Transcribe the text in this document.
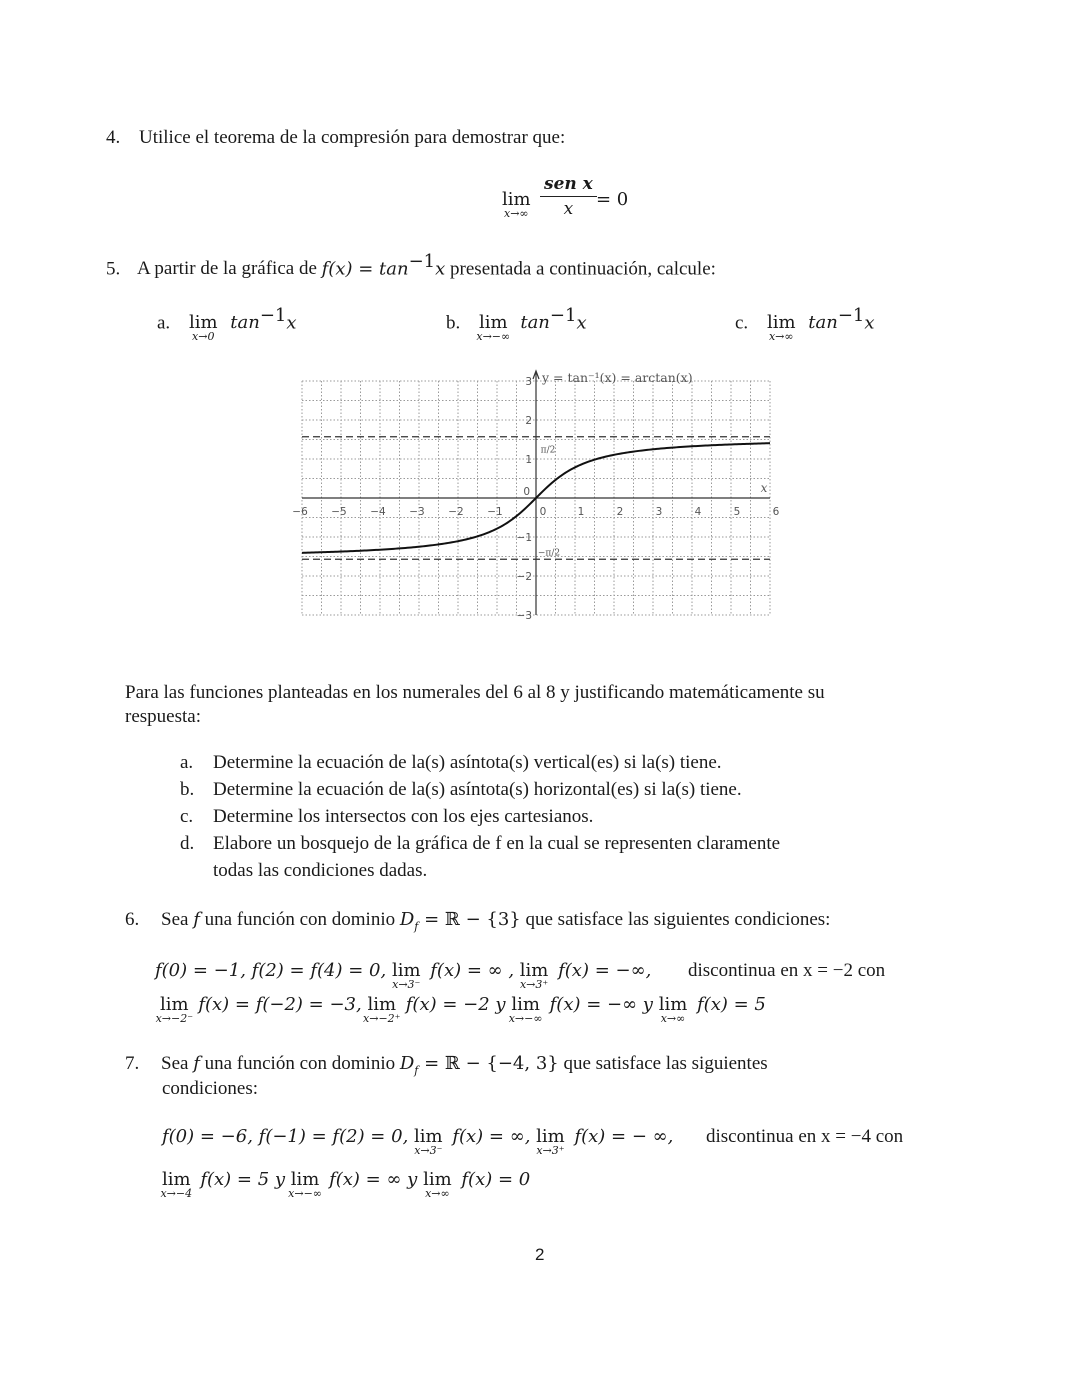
4. Utilice el teorema de la compresión para demostrar que:
lim
x→∞
sen x
x	= 0
5. A partir de la gráfica de $f(x) = \tan^{-1}x$ presentada a continuación, calcule:
a. lim
x→0
$\tan^{-1}x$	b. lim
x→−∞
$\tan^{-1}x$	c. lim
x→∞
$\tan^{-1}x$
−6 −5 −4 −3 −2 −1	0	1	2	3	4	5	6
3
2
1
0
−1
−2
−3
x
y = tan⁻¹(x) = arctan(x)
π/2
−π/2
Para las funciones planteadas en los numerales del 6 al 8 y justificando matemáticamente su
respuesta:
a. Determine la ecuación de la(s) asíntota(s) vertical(es) si la(s) tiene.
b. Determine la ecuación de la(s) asíntota(s) horizontal(es) si la(s) tiene.
c. Determine los intersectos con los ejes cartesianos.
d. Elabore un bosquejo de la gráfica de f en la cual se representen claramente
todas las condiciones dadas.
6. Sea f una función con dominio $D_f$ = ℝ − {3} que satisface las siguientes condiciones:
f(0) = −1, f(2) = f(4) = 0, lim
x→3⁻
f(x) = ∞ , lim
x→3⁺
f(x) = −∞, discontinua en x = −2 con
lim
x→−2⁻
f(x) = f(−2) = −3, lim
x→−2⁺
f(x) = −2 y lim
x→−∞
f(x) = −∞ y lim
x→∞
f(x) = 5
7. Sea f una función con dominio $D_f$ = ℝ − {−4, 3} que satisface las siguientes
condiciones:
f(0) = −6, f(−1) = f(2) = 0, lim
x→3⁻
f(x) = ∞, lim
x→3⁺
f(x) = − ∞, discontinua en x = −4 con
lim
x→−4
f(x) = 5 y lim
x→−∞
f(x) = ∞ y lim
x→∞
f(x) = 0
2
